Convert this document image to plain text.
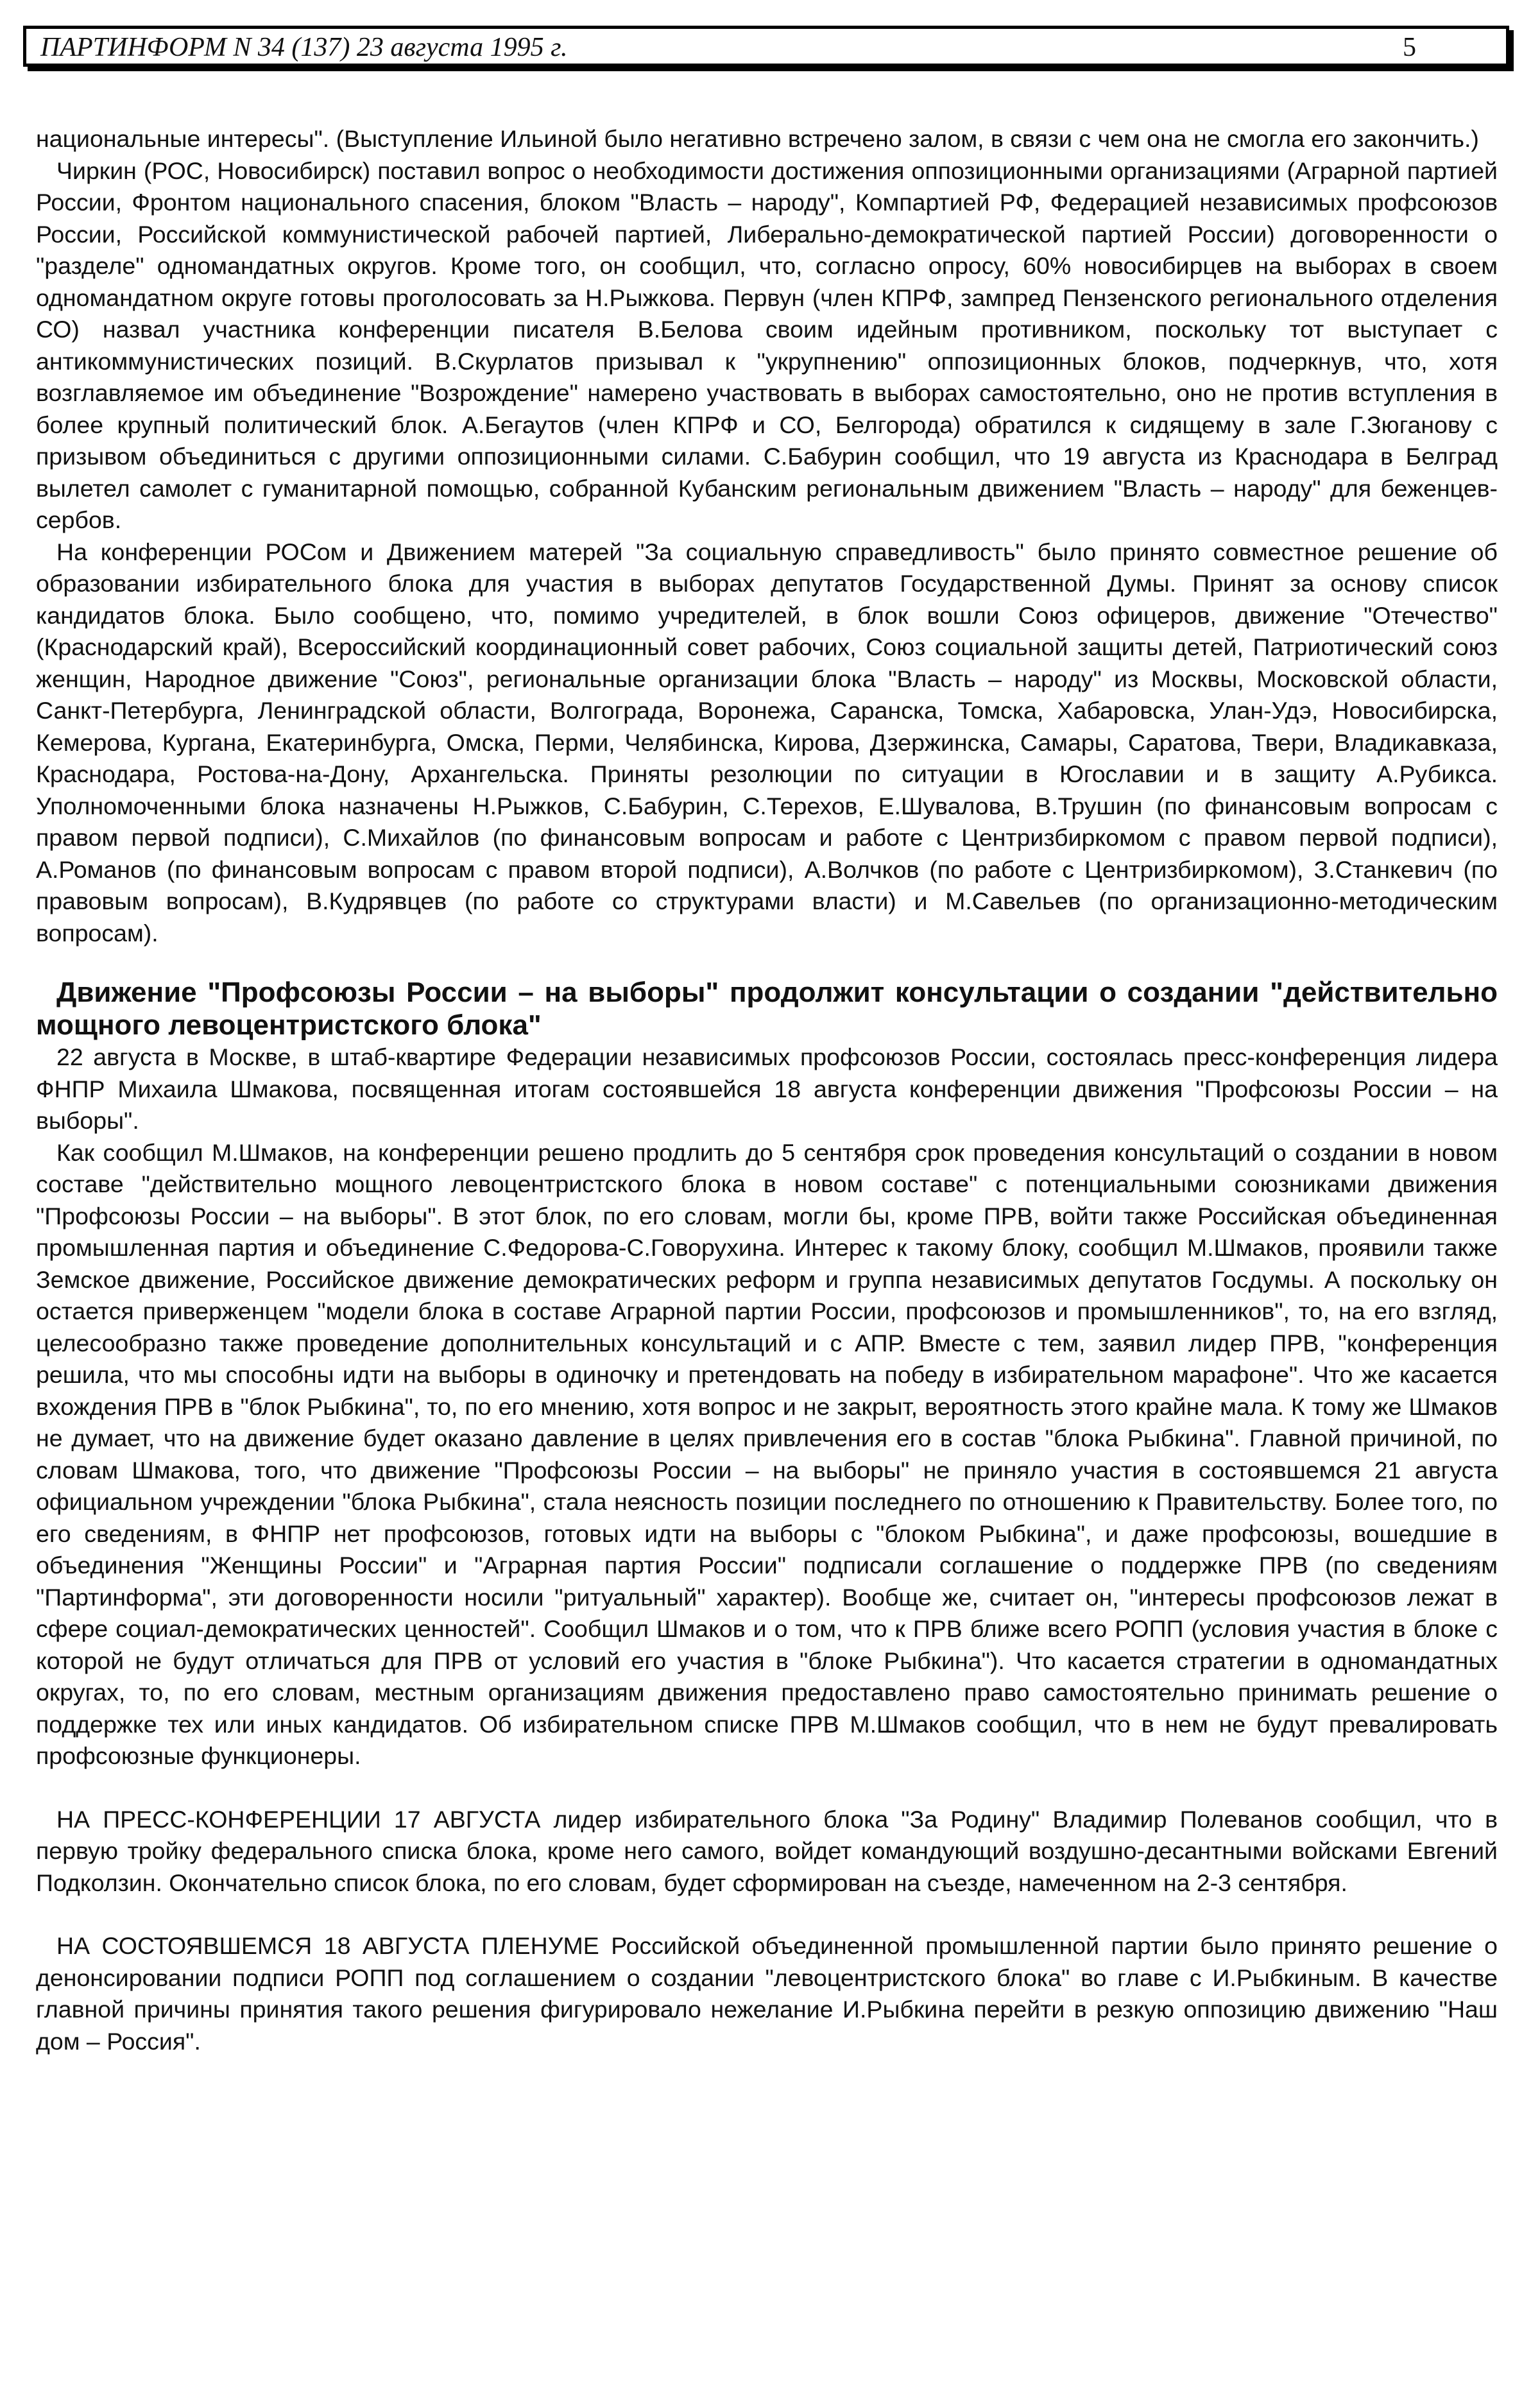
ПАРТИНФОРМ N 34 (137) 23 августа 1995 г.	5

национальные интересы". (Выступление Ильиной было негативно встречено залом, в связи с чем она не смогла его закончить.)

Чиркин (РОС, Новосибирск) поставил вопрос о необходимости достижения оппозиционными организациями (Аграрной партией России, Фронтом национального спасения, блоком "Власть – народу", Компартией РФ, Федерацией независимых профсоюзов России, Российской коммунистической рабочей партией, Либерально-демократической партией России) договоренности о "разделе" одномандатных округов. Кроме того, он сообщил, что, согласно опросу, 60% новосибирцев на выборах в своем одномандатном округе готовы проголосовать за Н.Рыжкова. Первун (член КПРФ, зампред Пензенского регионального отделения СО) назвал участника конференции писателя В.Белова своим идейным противником, поскольку тот выступает с антикоммунистических позиций. В.Скурлатов призывал к "укрупнению" оппозиционных блоков, подчеркнув, что, хотя возглавляемое им объединение "Возрождение" намерено участвовать в выборах самостоятельно, оно не против вступления в более крупный политический блок. А.Бегаутов (член КПРФ и СО, Белгорода) обратился к сидящему в зале Г.Зюганову с призывом объединиться с другими оппозиционными силами. С.Бабурин сообщил, что 19 августа из Краснодара в Белград вылетел самолет с гуманитарной помощью, собранной Кубанским региональным движением "Власть – народу" для беженцев-сербов.

На конференции РОСом и Движением матерей "За социальную справедливость" было принято совместное решение об образовании избирательного блока для участия в выборах депутатов Государственной Думы. Принят за основу список кандидатов блока. Было сообщено, что, помимо учредителей, в блок вошли Союз офицеров, движение "Отечество" (Краснодарский край), Всероссийский координационный совет рабочих, Союз социальной защиты детей, Патриотический союз женщин, Народное движение "Союз", региональные организации блока "Власть – народу" из Москвы, Московской области, Санкт-Петербурга, Ленинградской области, Волгограда, Воронежа, Саранска, Томска, Хабаровска, Улан-Удэ, Новосибирска, Кемерова, Кургана, Екатеринбурга, Омска, Перми, Челябинска, Кирова, Дзержинска, Самары, Саратова, Твери, Владикавказа, Краснодара, Ростова-на-Дону, Архангельска. Приняты резолюции по ситуации в Югославии и в защиту А.Рубикса. Уполномоченными блока назначены Н.Рыжков, С.Бабурин, С.Терехов, Е.Шувалова, В.Трушин (по финансовым вопросам с правом первой подписи), С.Михайлов (по финансовым вопросам и работе с Центризбиркомом с правом первой подписи), А.Романов (по финансовым вопросам с правом второй подписи), А.Волчков (по работе с Центризбиркомом), З.Станкевич (по правовым вопросам), В.Кудрявцев (по работе со структурами власти) и М.Савельев (по организационно-методическим вопросам).

Движение "Профсоюзы России – на выборы" продолжит консультации о создании "действительно мощного левоцентристского блока"

22 августа в Москве, в штаб-квартире Федерации независимых профсоюзов России, состоялась пресс-конференция лидера ФНПР Михаила Шмакова, посвященная итогам состоявшейся 18 августа конференции движения "Профсоюзы России – на выборы".

Как сообщил М.Шмаков, на конференции решено продлить до 5 сентября срок проведения консультаций о создании в новом составе "действительно мощного левоцентристского блока в новом составе" с потенциальными союзниками движения "Профсоюзы России – на выборы". В этот блок, по его словам, могли бы, кроме ПРВ, войти также Российская объединенная промышленная партия и объединение С.Федорова-С.Говорухина. Интерес к такому блоку, сообщил М.Шмаков, проявили также Земское движение, Российское движение демократических реформ и группа независимых депутатов Госдумы. А поскольку он остается приверженцем "модели блока в составе Аграрной партии России, профсоюзов и промышленников", то, на его взгляд, целесообразно также проведение дополнительных консультаций и с АПР. Вместе с тем, заявил лидер ПРВ, "конференция решила, что мы способны идти на выборы в одиночку и претендовать на победу в избирательном марафоне". Что же касается вхождения ПРВ в "блок Рыбкина", то, по его мнению, хотя вопрос и не закрыт, вероятность этого крайне мала. К тому же Шмаков не думает, что на движение будет оказано давление в целях привлечения его в состав "блока Рыбкина". Главной причиной, по словам Шмакова, того, что движение "Профсоюзы России – на выборы" не приняло участия в состоявшемся 21 августа официальном учреждении "блока Рыбкина", стала неясность позиции последнего по отношению к Правительству. Более того, по его сведениям, в ФНПР нет профсоюзов, готовых идти на выборы с "блоком Рыбкина", и даже профсоюзы, вошедшие в объединения "Женщины России" и "Аграрная партия России" подписали соглашение о поддержке ПРВ (по сведениям "Партинформа", эти договоренности носили "ритуальный" характер). Вообще же, считает он, "интересы профсоюзов лежат в сфере социал-демократических ценностей". Сообщил Шмаков и о том, что к ПРВ ближе всего РОПП (условия участия в блоке с которой не будут отличаться для ПРВ от условий его участия в "блоке Рыбкина"). Что касается стратегии в одномандатных округах, то, по его словам, местным организациям движения предоставлено право самостоятельно принимать решение о поддержке тех или иных кандидатов. Об избирательном списке ПРВ М.Шмаков сообщил, что в нем не будут превалировать профсоюзные функционеры.

НА ПРЕСС-КОНФЕРЕНЦИИ 17 АВГУСТА лидер избирательного блока "За Родину" Владимир Полеванов сообщил, что в первую тройку федерального списка блока, кроме него самого, войдет командующий воздушно-десантными войсками Евгений Подколзин. Окончательно список блока, по его словам, будет сформирован на съезде, намеченном на 2-3 сентября.

НА СОСТОЯВШЕМСЯ 18 АВГУСТА ПЛЕНУМЕ Российской объединенной промышленной партии было принято решение о денонсировании подписи РОПП под соглашением о создании "левоцентристского блока" во главе с И.Рыбкиным. В качестве главной причины принятия такого решения фигурировало нежелание И.Рыбкина перейти в резкую оппозицию движению "Наш дом – Россия".
